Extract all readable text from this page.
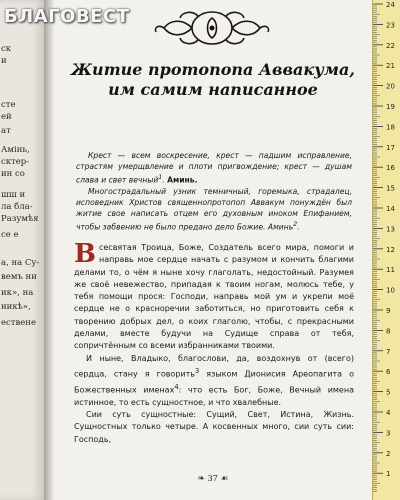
ск
и
сте
ей
ат
Амінь,
сктер-
ин со
шш и
ла бла-
Разумѣя
се е
а, на Су-
вемъ ни
ик», на
никѣ»,
ествене
Житие протопопа Аввакума,
им самим написанное

Крест — всем воскресение, крест — падшим исправление, страстям умерщвление и плоти пригвождение; крест — душам слава и свет вечный$^1$. Аминь.

Многострадальный узник темничный, горемыка, страдалец, исповедник Христов священнопротопоп Аввакум понуждён был житие свое написать отцем его духовным иноком Епифанием, чтобы забвению не было предано дело Божие. Аминь$^2$.

Всесвятая Троица, Боже, Создатель всего мира, помоги и направь мое сердце начать с разумом и кончить благими делами то, о чём я ныне хочу глаголать, недостойный. Разумея же своё невежество, припадая к твоим ногам, молюсь тебе, у тебя помощи прося: Господи, направь мой ум и укрепи моё сердце не о красноречии заботиться, но приготовить себя к творению добрых дел, о коих глаголю, чтобы, с прекрасными делами, вместе будучи на Судище справа от тебя, сопричтённым со всеми избранниками твоими.

И ныне, Владыко, благослови, да, воздохнув от (всего) сердца, стану я говорить$^3$ языком Дионисия Ареопагита о Божественных именах$^4$: что есть Бог, Боже, Вечный имена истинное, то есть сущностное, и что хвалебные.

Сии суть сущностные: Сущий, Свет, Истина, Жизнь. Сущностных только четыре. А косвенных много, сии суть сии: Господь,

❧ 37 ☙
24
23
22
21
20
19
18
17
16
15
14
13
12
11
10
9
8
7
6
5
4
3
2
1
БЛАГОВЕСТ
